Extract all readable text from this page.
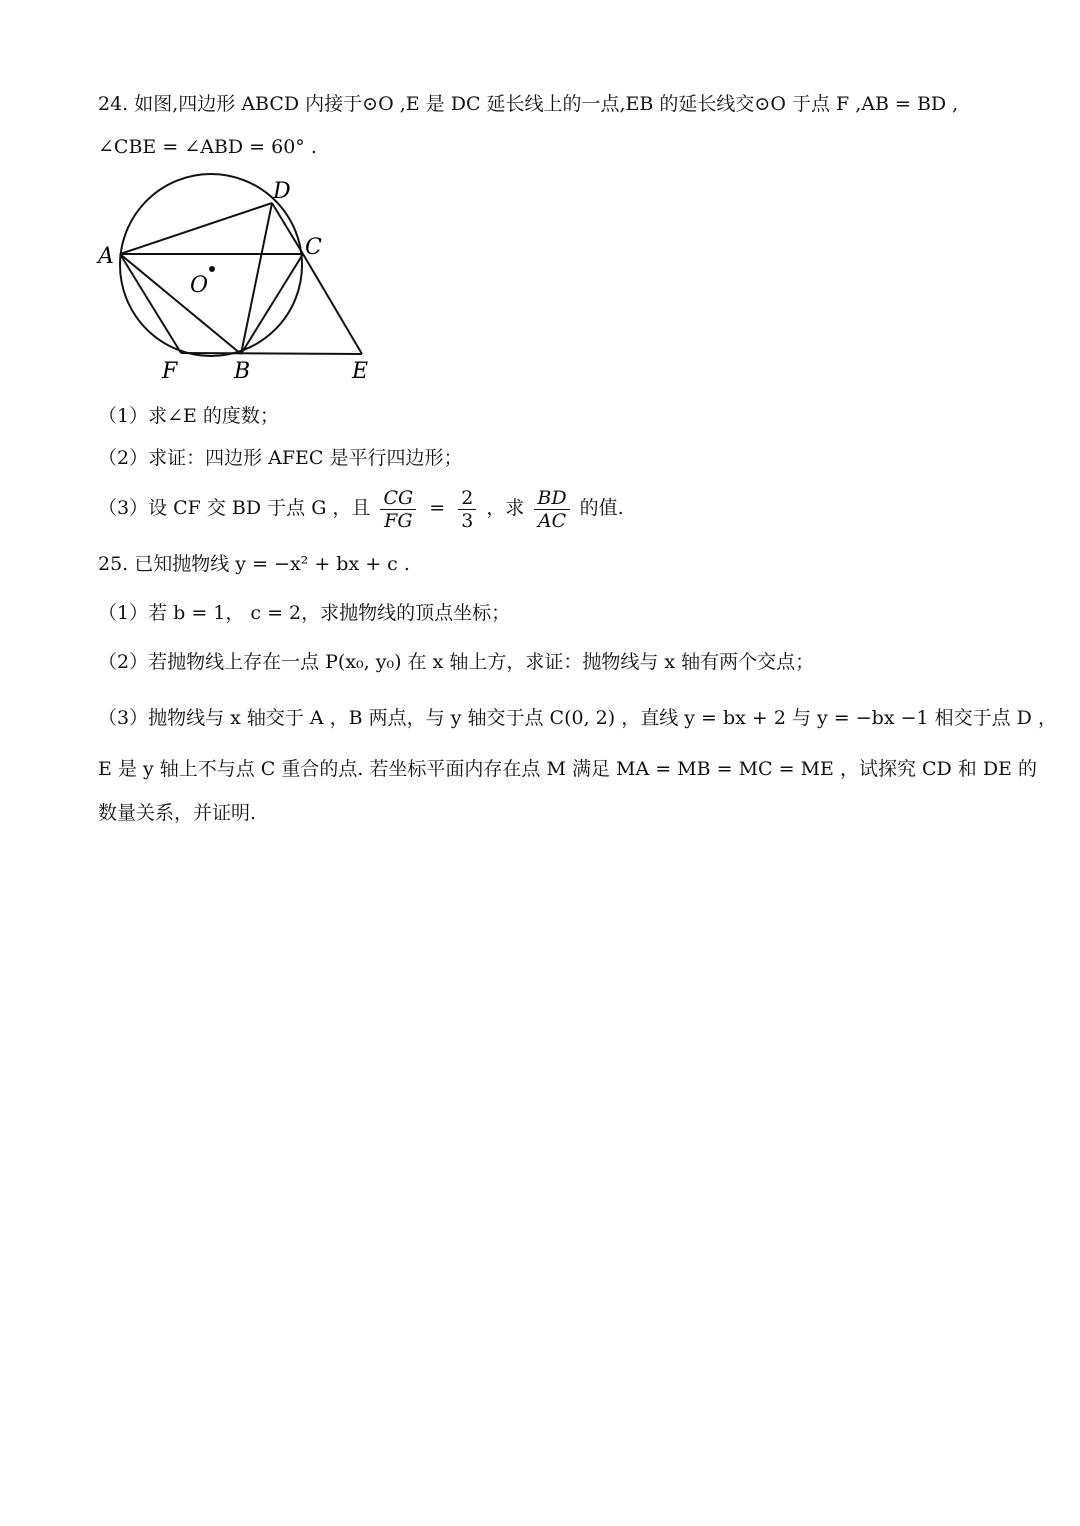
24. 如图,四边形 ABCD 内接于⊙O ,E 是 DC 延长线上的一点,EB 的延长线交⊙O 于点 F ,AB = BD ,
∠CBE = ∠ABD = 60° .
A
D
C
O
F	B	E
（1）求∠E 的度数；
（2）求证：四边形 AFEC 是平行四边形；
（3）设 CF 交 BD 于点 G ，且 $\frac{CG}{FG} = \frac{2}{3}$ ，求 $\frac{BD}{AC}$ 的值.
25. 已知抛物线 y = −x² + bx + c .
（1）若 b = 1， c = 2，求抛物线的顶点坐标；
（2）若抛物线上存在一点 P(x₀, y₀) 在 x 轴上方，求证：抛物线与 x 轴有两个交点；
（3）抛物线与 x 轴交于 A ，B 两点，与 y 轴交于点 C(0, 2) ，直线 y = bx + 2 与 y = −bx −1 相交于点 D ，
E 是 y 轴上不与点 C 重合的点. 若坐标平面内存在点 M 满足 MA = MB = MC = ME ，试探究 CD 和 DE 的
数量关系，并证明.
